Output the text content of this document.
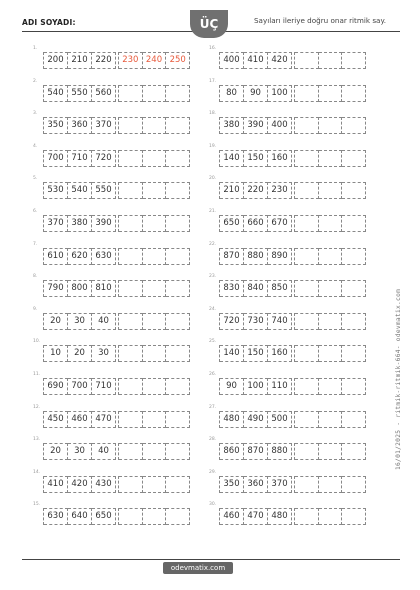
ADI SOYADI:	ÜÇ	Sayıları ileriye doğru onar ritmik say.
1.
200 210 220	230 240 250
2.
540 550 560
3.
350 360 370
4.
700 710 720
5.
530 540 550
6.
370 380 390
7.
610 620 630
8.
790 800 810
9.
20	30	40
10.
10	20	30
11.
690 700 710
12.
450 460 470
13.
20	30	40
14.
410 420 430
15.
630 640 650
16.
400 410 420
17.
80	90	100
18.
380 390 400
19.
140 150 160
20.
210 220 230
21.
650 660 670
22.
870 880 890
23.
830 840 850
24.
720 730 740
25.
140 150 160
26.
90	100 110
27.
480 490 500
28.
860 870 880
29.
350 360 370
30.
460 470 480
16/01/2025 - ritmik-ritmik-664- odevmatix.com
odevmatix.com
